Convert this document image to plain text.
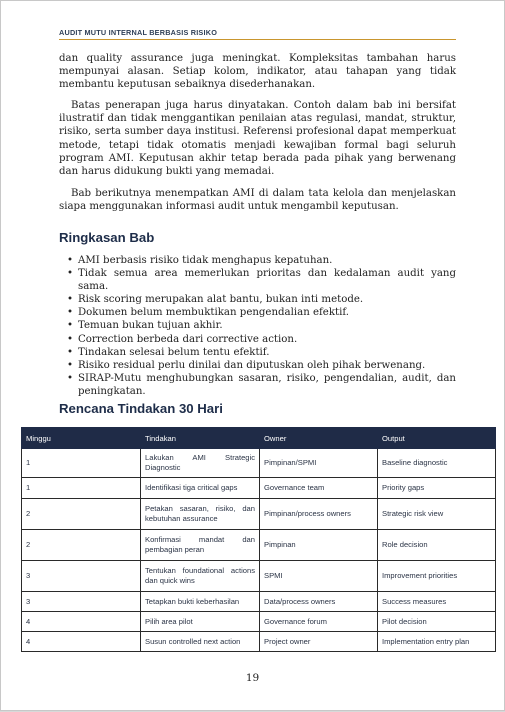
AUDIT MUTU INTERNAL BERBASIS RISIKO

dan quality assurance juga meningkat. Kompleksitas tambahan harus mempunyai alasan. Setiap kolom, indikator, atau tahapan yang tidak membantu keputusan sebaiknya disederhanakan.

Batas penerapan juga harus dinyatakan. Contoh dalam bab ini bersifat ilustratif dan tidak menggantikan penilaian atas regulasi, mandat, struktur, risiko, serta sumber daya institusi. Referensi profesional dapat memperkuat metode, tetapi tidak otomatis menjadi kewajiban formal bagi seluruh program AMI. Keputusan akhir tetap berada pada pihak yang berwenang dan harus didukung bukti yang memadai.

Bab berikutnya menempatkan AMI di dalam tata kelola dan menjelaskan siapa menggunakan informasi audit untuk mengambil keputusan.

Ringkasan Bab
• AMI berbasis risiko tidak menghapus kepatuhan.
• Tidak semua area memerlukan prioritas dan kedalaman audit yang sama.
• Risk scoring merupakan alat bantu, bukan inti metode.
• Dokumen belum membuktikan pengendalian efektif.
• Temuan bukan tujuan akhir.
• Correction berbeda dari corrective action.
• Tindakan selesai belum tentu efektif.
• Risiko residual perlu dinilai dan diputuskan oleh pihak berwenang.
• SIRAP-Mutu menghubungkan sasaran, risiko, pengendalian, audit, dan peningkatan.
Rencana Tindakan 30 Hari
Minggu	Tindakan	Owner	Output
1	Lakukan AMI Strategic Diagnostic	Pimpinan/SPMI	Baseline diagnostic
1	Identifikasi tiga critical gaps	Governance team	Priority gaps
2	Petakan sasaran, risiko, dan kebutuhan assurance	Pimpinan/process owners	Strategic risk view
2	Konfirmasi mandat dan pembagian peran	Pimpinan	Role decision
3	Tentukan foundational actions dan quick wins	SPMI	Improvement priorities
3	Tetapkan bukti keberhasilan	Data/process owners	Success measures
4	Pilih area pilot	Governance forum	Pilot decision
4	Susun controlled next action	Project owner	Implementation entry plan
19
